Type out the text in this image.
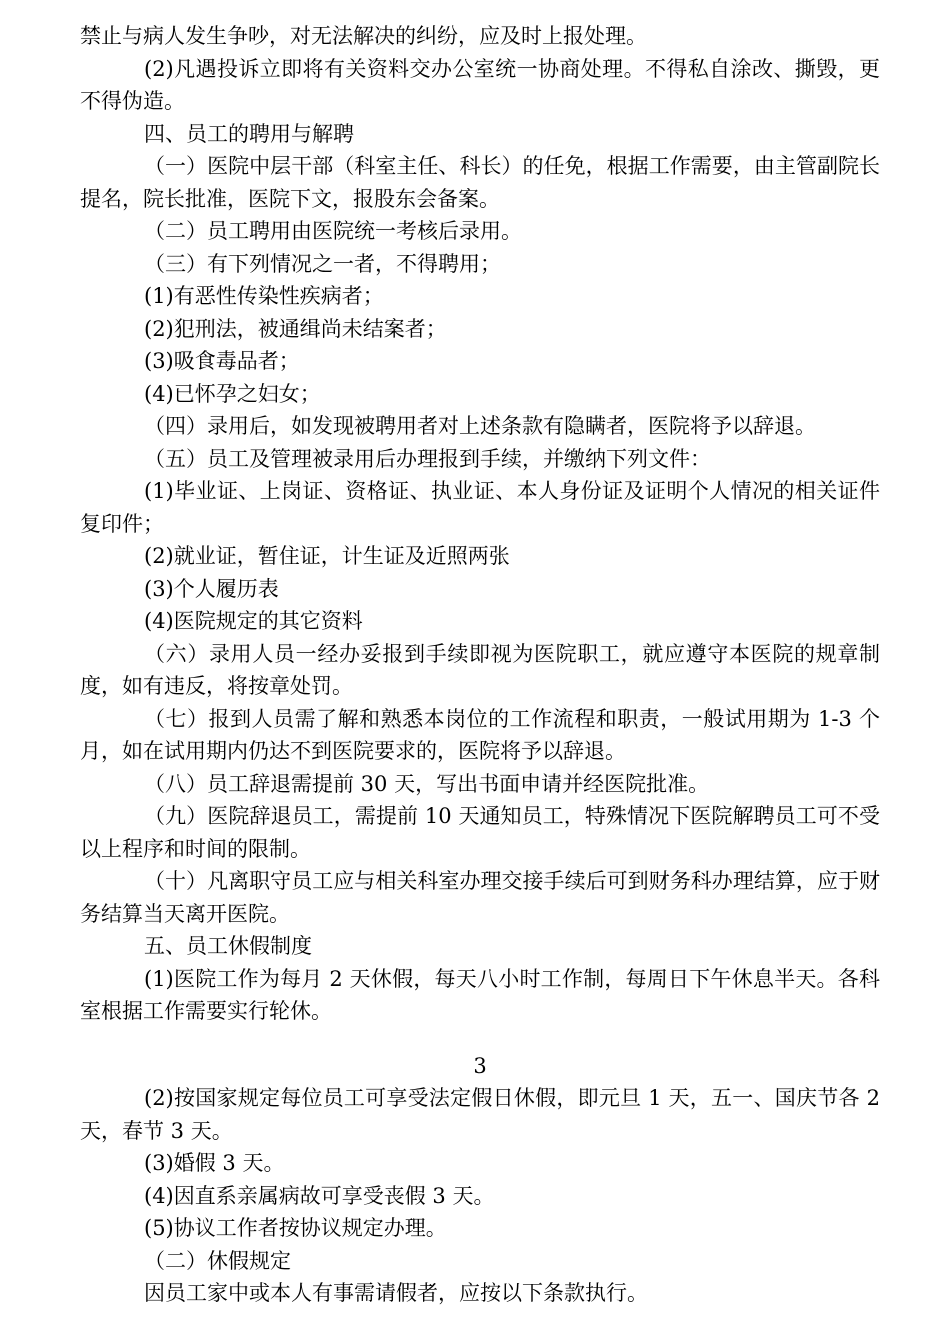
禁止与病人发生争吵，对无法解决的纠纷，应及时上报处理。

(2)凡遇投诉立即将有关资料交办公室统一协商处理。不得私自涂改、撕毁，更不得伪造。

四、员工的聘用与解聘

（一）医院中层干部（科室主任、科长）的任免，根据工作需要，由主管副院长提名，院长批准，医院下文，报股东会备案。

（二）员工聘用由医院统一考核后录用。

（三）有下列情况之一者，不得聘用；

(1)有恶性传染性疾病者；

(2)犯刑法，被通缉尚未结案者；

(3)吸食毒品者；

(4)已怀孕之妇女；

（四）录用后，如发现被聘用者对上述条款有隐瞒者，医院将予以辞退。

（五）员工及管理被录用后办理报到手续，并缴纳下列文件：

(1)毕业证、上岗证、资格证、执业证、本人身份证及证明个人情况的相关证件复印件；

(2)就业证，暂住证，计生证及近照两张

(3)个人履历表

(4)医院规定的其它资料

（六）录用人员一经办妥报到手续即视为医院职工，就应遵守本医院的规章制度，如有违反，将按章处罚。

（七）报到人员需了解和熟悉本岗位的工作流程和职责，一般试用期为 1-3 个月，如在试用期内仍达不到医院要求的，医院将予以辞退。

（八）员工辞退需提前 30 天，写出书面申请并经医院批准。

（九）医院辞退员工，需提前 10 天通知员工，特殊情况下医院解聘员工可不受以上程序和时间的限制。

（十）凡离职守员工应与相关科室办理交接手续后可到财务科办理结算，应于财务结算当天离开医院。

五、员工休假制度

(1)医院工作为每月 2 天休假，每天八小时工作制，每周日下午休息半天。各科室根据工作需要实行轮休。

3

(2)按国家规定每位员工可享受法定假日休假，即元旦 1 天，五一、国庆节各 2 天，春节 3 天。

(3)婚假 3 天。

(4)因直系亲属病故可享受丧假 3 天。

(5)协议工作者按协议规定办理。

（二）休假规定

因员工家中或本人有事需请假者，应按以下条款执行。
